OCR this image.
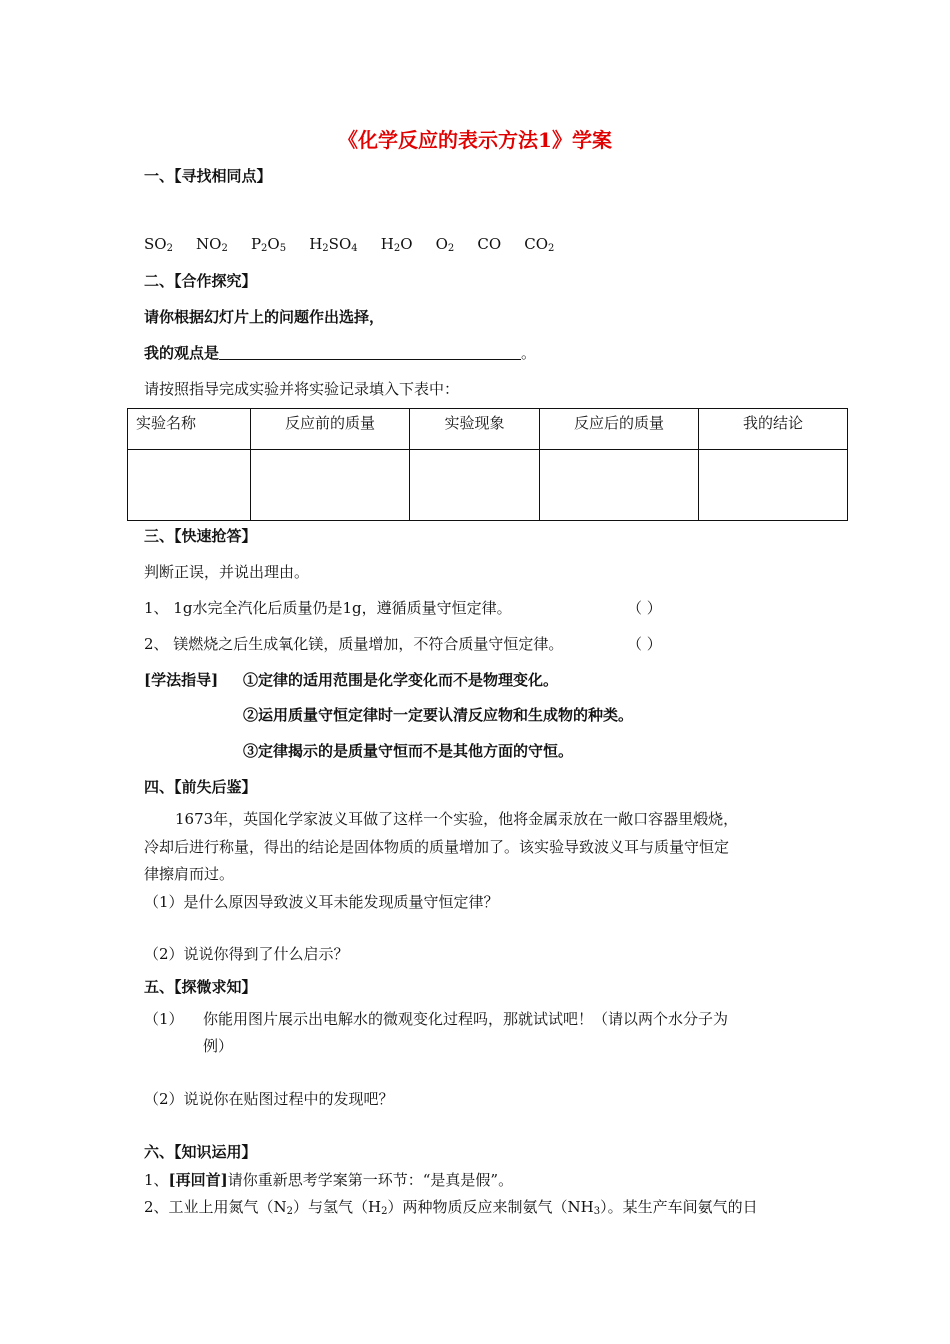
《化学反应的表示方法1》学案
一、【寻找相同点】
$SO_2$ $NO_2$ $P_2O_5$ $H_2SO_4$ $H_2O$ $O_2$ CO $CO_2$
二、【合作探究】
请你根据幻灯片上的问题作出选择，
我的观点是	。
请按照指导完成实验并将实验记录填入下表中：
实验名称	反应前的质量	实验现象	反应后的质量	我的结论

三、【快速抢答】
判断正误，并说出理由。
1、 1g水完全汽化后质量仍是1g，遵循质量守恒定律。	（ ）
2、 镁燃烧之后生成氧化镁，质量增加，不符合质量守恒定律。	（ ）
[学法指导] ①定律的适用范围是化学变化而不是物理变化。
②运用质量守恒定律时一定要认清反应物和生成物的种类。
③定律揭示的是质量守恒而不是其他方面的守恒。
四、【前失后鉴】
1673年，英国化学家波义耳做了这样一个实验，他将金属汞放在一敞口容器里煅烧，
冷却后进行称量，得出的结论是固体物质的质量增加了。该实验导致波义耳与质量守恒定
律擦肩而过。
（1）是什么原因导致波义耳未能发现质量守恒定律？
（2）说说你得到了什么启示？
五、【探微求知】
（1） 你能用图片展示出电解水的微观变化过程吗，那就试试吧！（请以两个水分子为
例）
（2）说说你在贴图过程中的发现吧？
六、【知识运用】
1、[再回首]请你重新思考学案第一环节：“是真是假”。
2、工业上用氮气（N2）与氢气（H2）两种物质反应来制氨气（NH3）。某生产车间氨气的日
